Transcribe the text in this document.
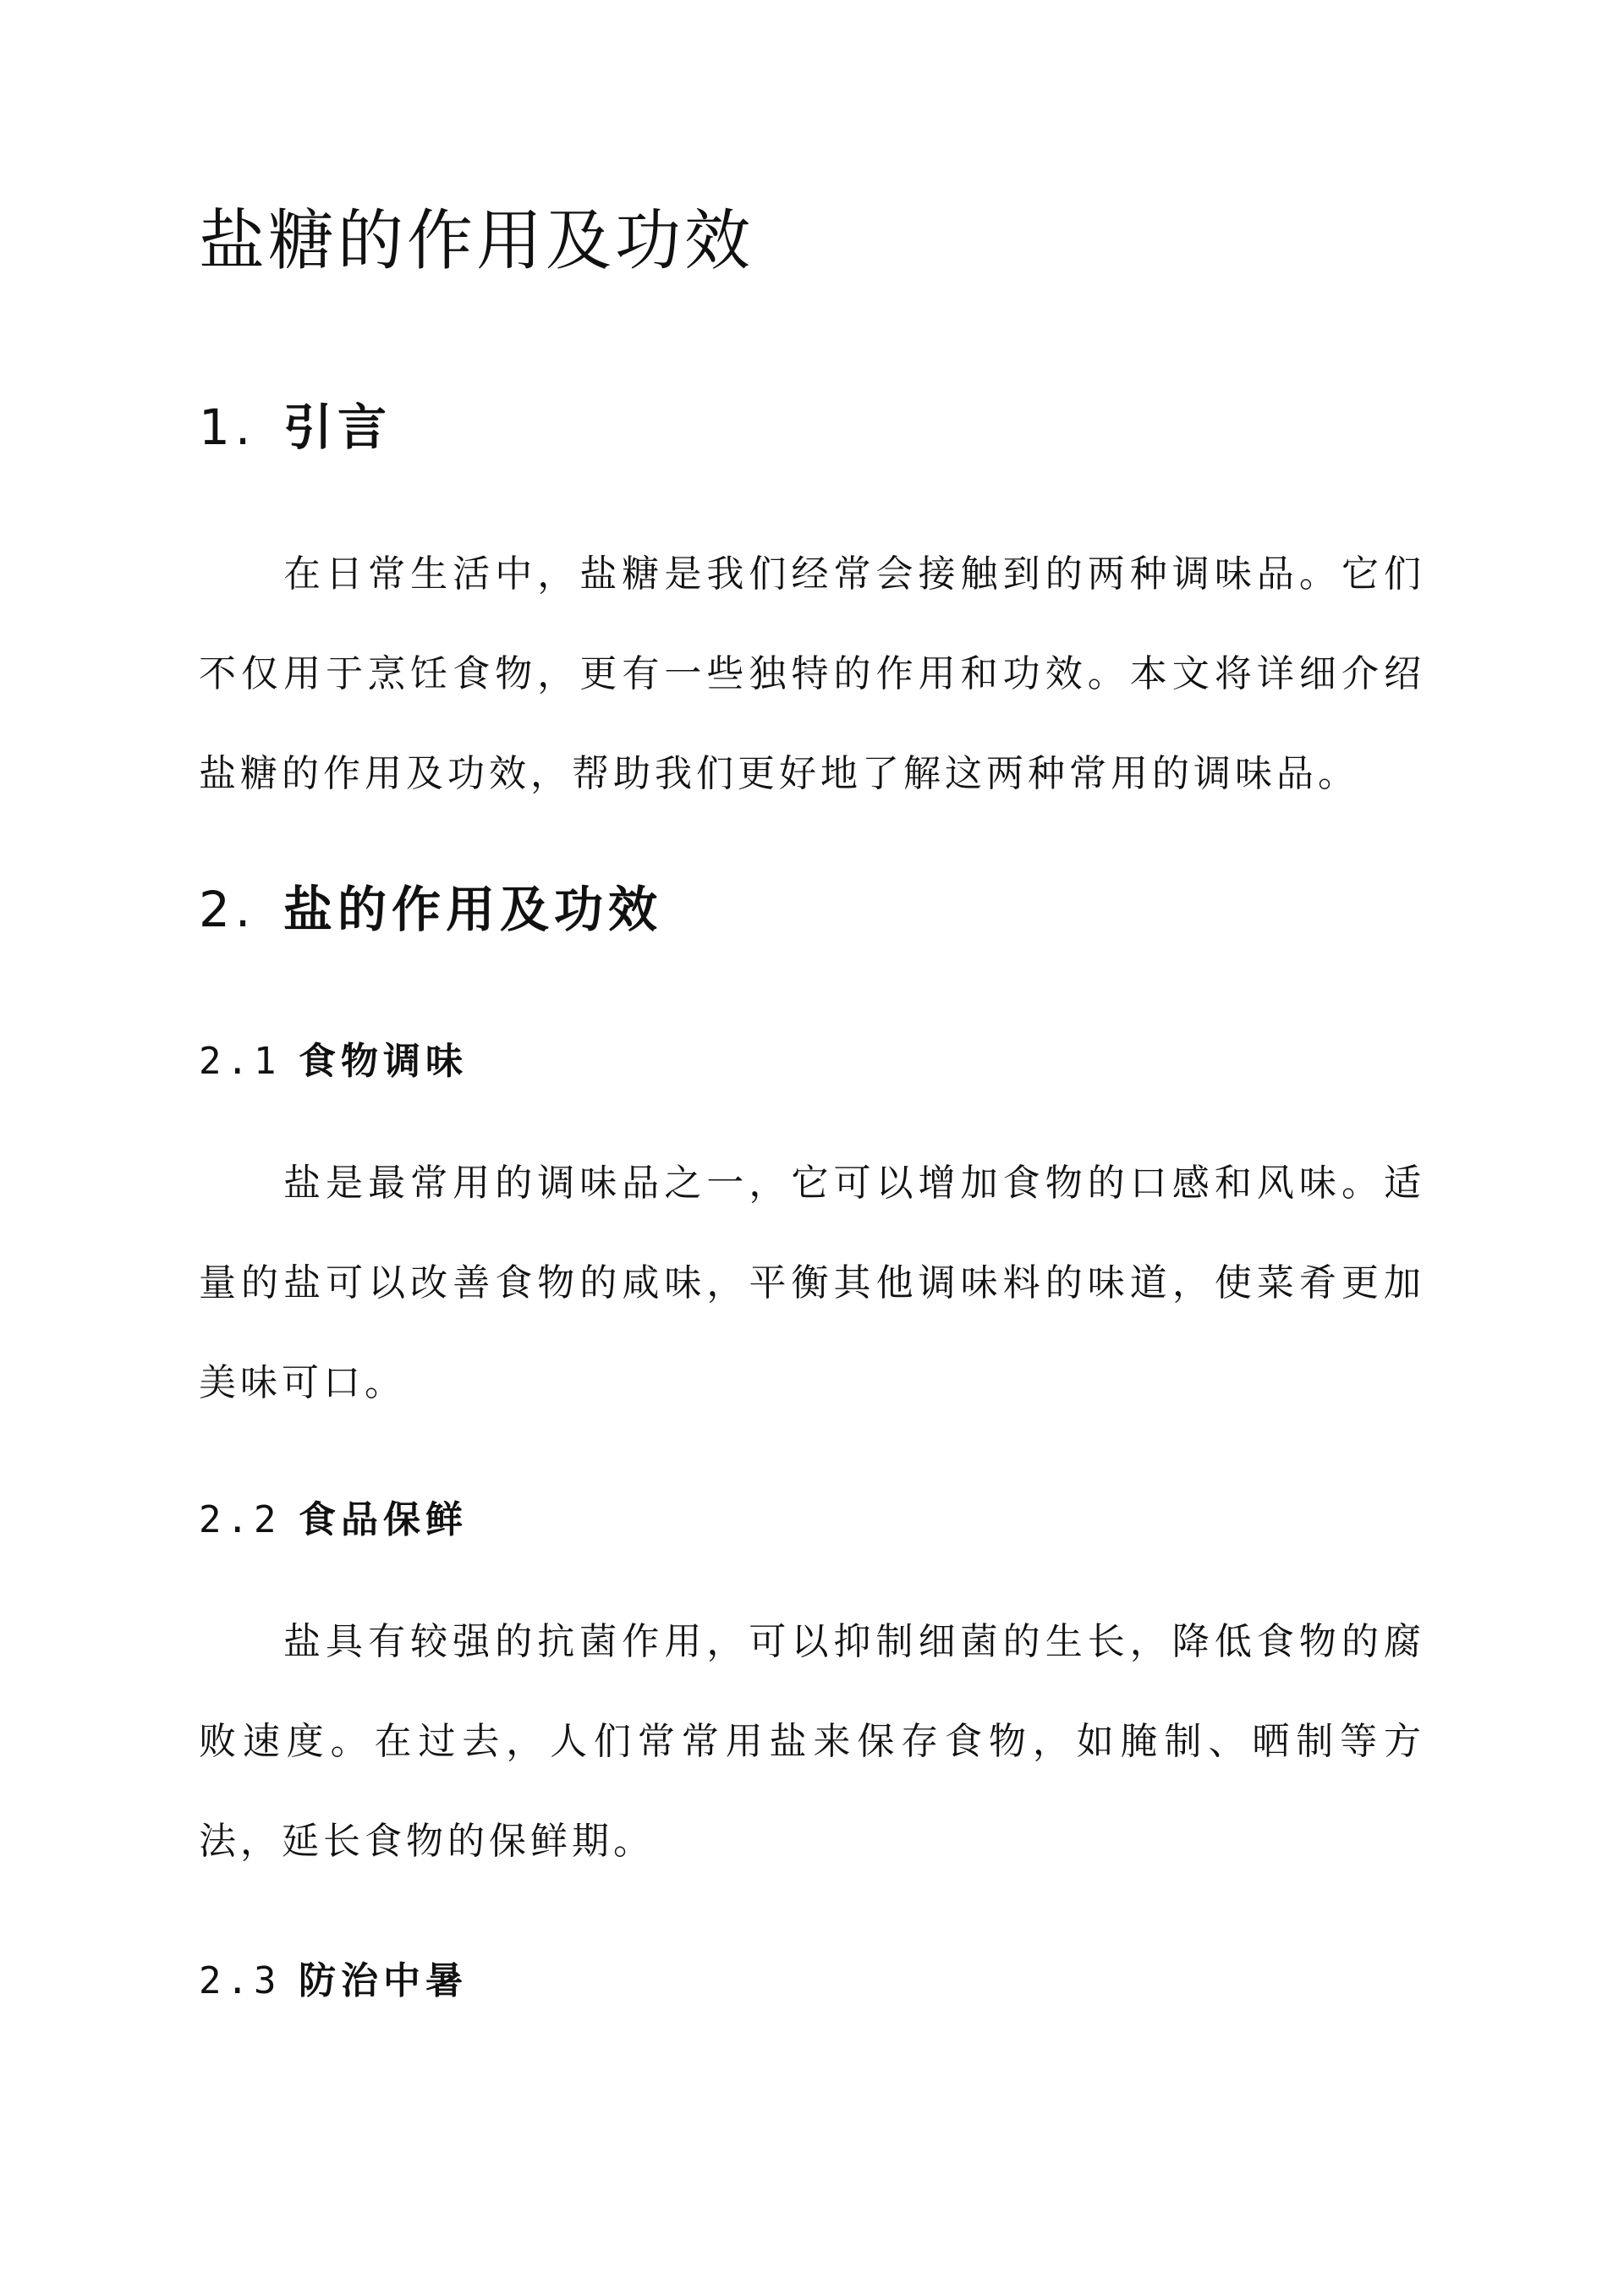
盐糖的作用及功效
1. 引言

在日常生活中，盐糖是我们经常会接触到的两种调味品。它们不仅用于烹饪食物，更有一些独特的作用和功效。本文将详细介绍盐糖的作用及功效，帮助我们更好地了解这两种常用的调味品。

2. 盐的作用及功效
2.1 食物调味

盐是最常用的调味品之一，它可以增加食物的口感和风味。适量的盐可以改善食物的咸味，平衡其他调味料的味道，使菜肴更加美味可口。

2.2 食品保鲜

盐具有较强的抗菌作用，可以抑制细菌的生长，降低食物的腐败速度。在过去，人们常常用盐来保存食物，如腌制、晒制等方法，延长食物的保鲜期。

2.3 防治中暑
